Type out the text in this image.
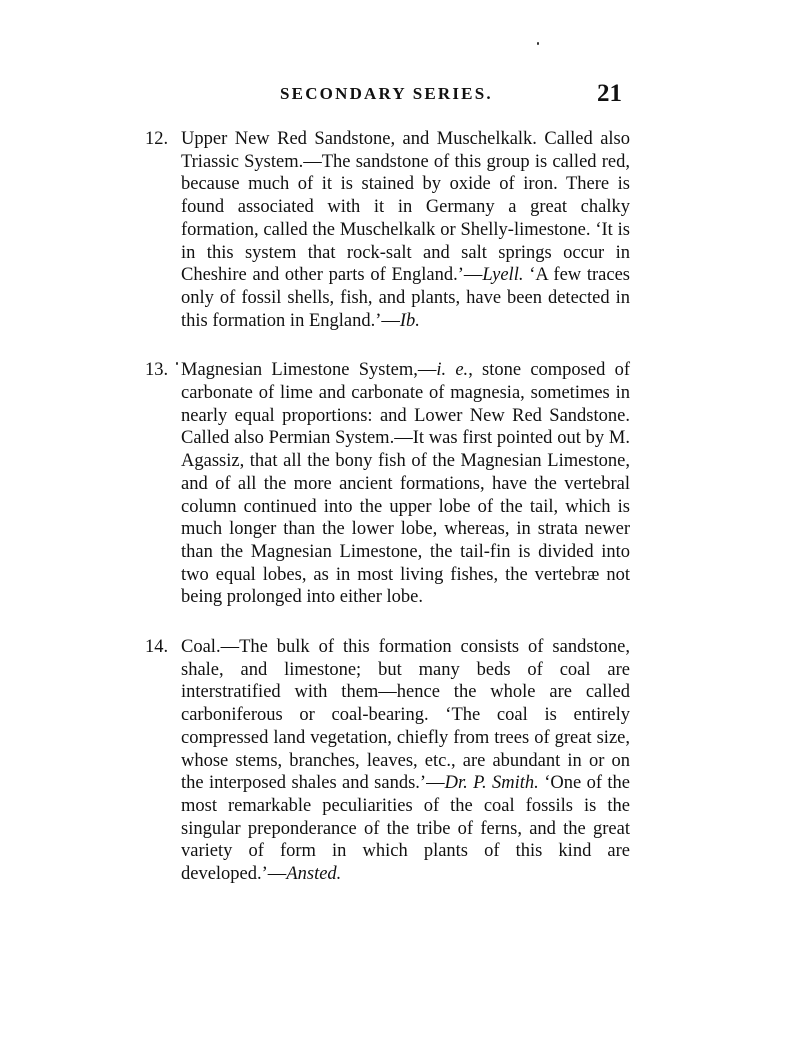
SECONDARY SERIES.	21
12. Upper New Red Sandstone, and Muschelkalk. Called also Triassic System.—The sandstone of this group is called red, because much of it is stained by oxide of iron. There is found associated with it in Germany a great chalky formation, called the Muschelkalk or Shelly-limestone. ‘It is in this system that rock-salt and salt springs occur in Cheshire and other parts of England.’—Lyell. ‘A few traces only of fossil shells, fish, and plants, have been detected in this formation in England.’—Ib.
13. Magnesian Limestone System,—i. e., stone composed of carbonate of lime and carbonate of magnesia, sometimes in nearly equal proportions: and Lower New Red Sandstone. Called also Permian System.—It was first pointed out by M. Agassiz, that all the bony fish of the Magnesian Limestone, and of all the more ancient formations, have the vertebral column continued into the upper lobe of the tail, which is much longer than the lower lobe, whereas, in strata newer than the Magnesian Limestone, the tail-fin is divided into two equal lobes, as in most living fishes, the vertebræ not being prolonged into either lobe.
14. Coal.—The bulk of this formation consists of sandstone, shale, and limestone; but many beds of coal are interstratified with them—hence the whole are called carboniferous or coal-bearing. ‘The coal is entirely compressed land vegetation, chiefly from trees of great size, whose stems, branches, leaves, etc., are abundant in or on the interposed shales and sands.’—Dr. P. Smith. ‘One of the most remarkable peculiarities of the coal fossils is the singular preponderance of the tribe of ferns, and the great variety of form in which plants of this kind are developed.’—Ansted.
